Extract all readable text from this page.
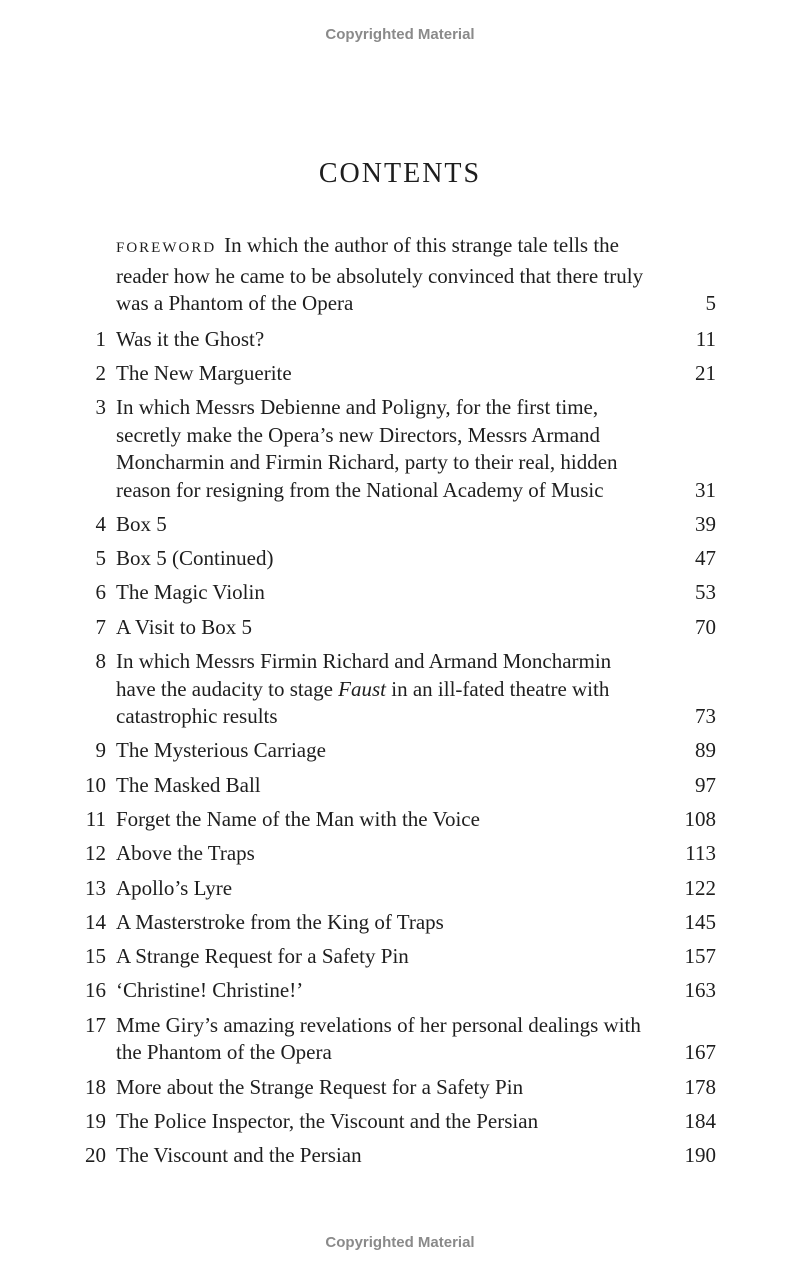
Copyrighted Material
CONTENTS
FOREWORD In which the author of this strange tale tells the reader how he came to be absolutely convinced that there truly was a Phantom of the Opera	5
1 Was it the Ghost?	11
2 The New Marguerite	21
3 In which Messrs Debienne and Poligny, for the first time, secretly make the Opera’s new Directors, Messrs Armand Moncharmin and Firmin Richard, party to their real, hidden reason for resigning from the National Academy of Music	31
4 Box 5	39
5 Box 5 (Continued)	47
6 The Magic Violin	53
7 A Visit to Box 5	70
8 In which Messrs Firmin Richard and Armand Moncharmin have the audacity to stage Faust in an ill-fated theatre with catastrophic results	73
9 The Mysterious Carriage	89
10 The Masked Ball	97
11 Forget the Name of the Man with the Voice	108
12 Above the Traps	113
13 Apollo’s Lyre	122
14 A Masterstroke from the King of Traps	145
15 A Strange Request for a Safety Pin	157
16 ‘Christine! Christine!’	163
17 Mme Giry’s amazing revelations of her personal dealings with the Phantom of the Opera	167
18 More about the Strange Request for a Safety Pin	178
19 The Police Inspector, the Viscount and the Persian	184
20 The Viscount and the Persian	190
Copyrighted Material
